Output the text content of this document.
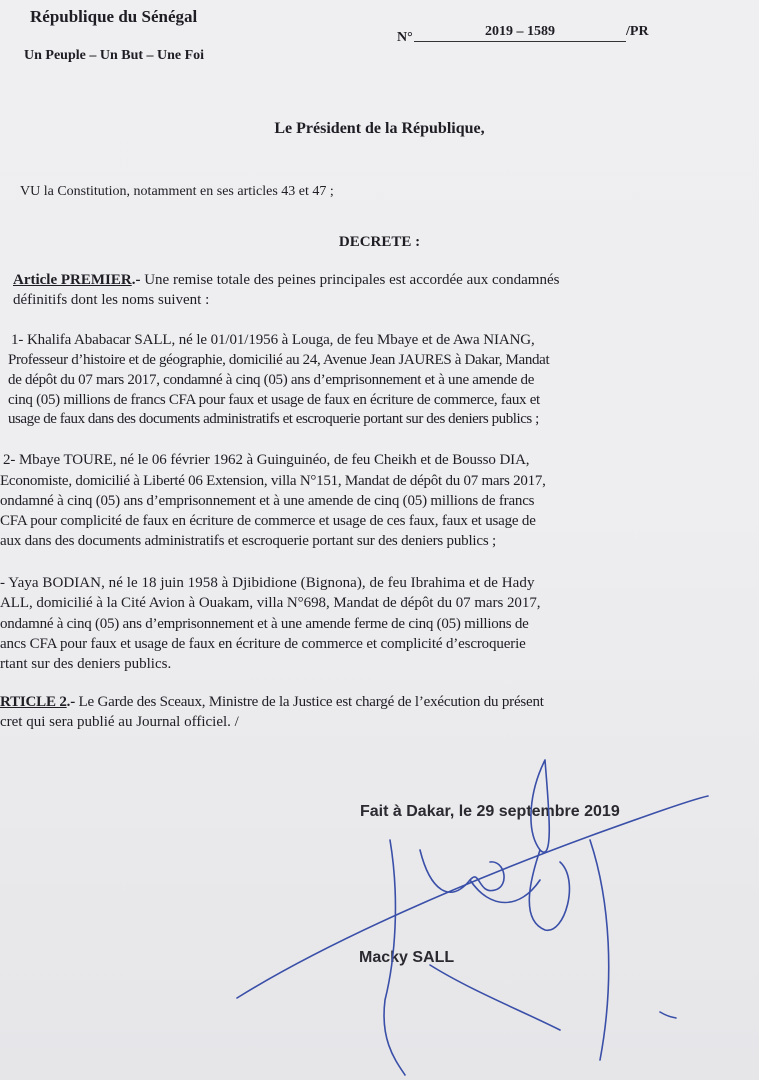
République du Sénégal

Un Peuple – Un But – Une Foi

N°	2019 – 1589	/PR

Le Président de la République,

VU la Constitution, notamment en ses articles 43 et 47 ;

DECRETE :

Article PREMIER.- Une remise totale des peines principales est accordée aux condamnés

définitifs dont les noms suivent :

1- Khalifa Ababacar SALL, né le 01/01/1956 à Louga, de feu Mbaye et de Awa NIANG,

Professeur d’histoire et de géographie, domicilié au 24, Avenue Jean JAURES à Dakar, Mandat

de dépôt du 07 mars 2017, condamné à cinq (05) ans d’emprisonnement et à une amende de

cinq (05) millions de francs CFA pour faux et usage de faux en écriture de commerce, faux et

usage de faux dans des documents administratifs et escroquerie portant sur des deniers publics ;

2- Mbaye TOURE, né le 06 février 1962 à Guinguinéo, de feu Cheikh et de Bousso DIA,

Economiste, domicilié à Liberté 06 Extension, villa N°151, Mandat de dépôt du 07 mars 2017,

ondamné à cinq (05) ans d’emprisonnement et à une amende de cinq (05) millions de francs

CFA pour complicité de faux en écriture de commerce et usage de ces faux, faux et usage de

aux dans des documents administratifs et escroquerie portant sur des deniers publics ;

- Yaya BODIAN, né le 18 juin 1958 à Djibidione (Bignona), de feu Ibrahima et de Hady

ALL, domicilié à la Cité Avion à Ouakam, villa N°698, Mandat de dépôt du 07 mars 2017,

ondamné à cinq (05) ans d’emprisonnement et à une amende ferme de cinq (05) millions de

ancs CFA pour faux et usage de faux en écriture de commerce et complicité d’escroquerie

rtant sur des deniers publics.

RTICLE 2.- Le Garde des Sceaux, Ministre de la Justice est chargé de l’exécution du présent

cret qui sera publié au Journal officiel. /

Fait à Dakar, le 29 septembre 2019

Macky SALL
